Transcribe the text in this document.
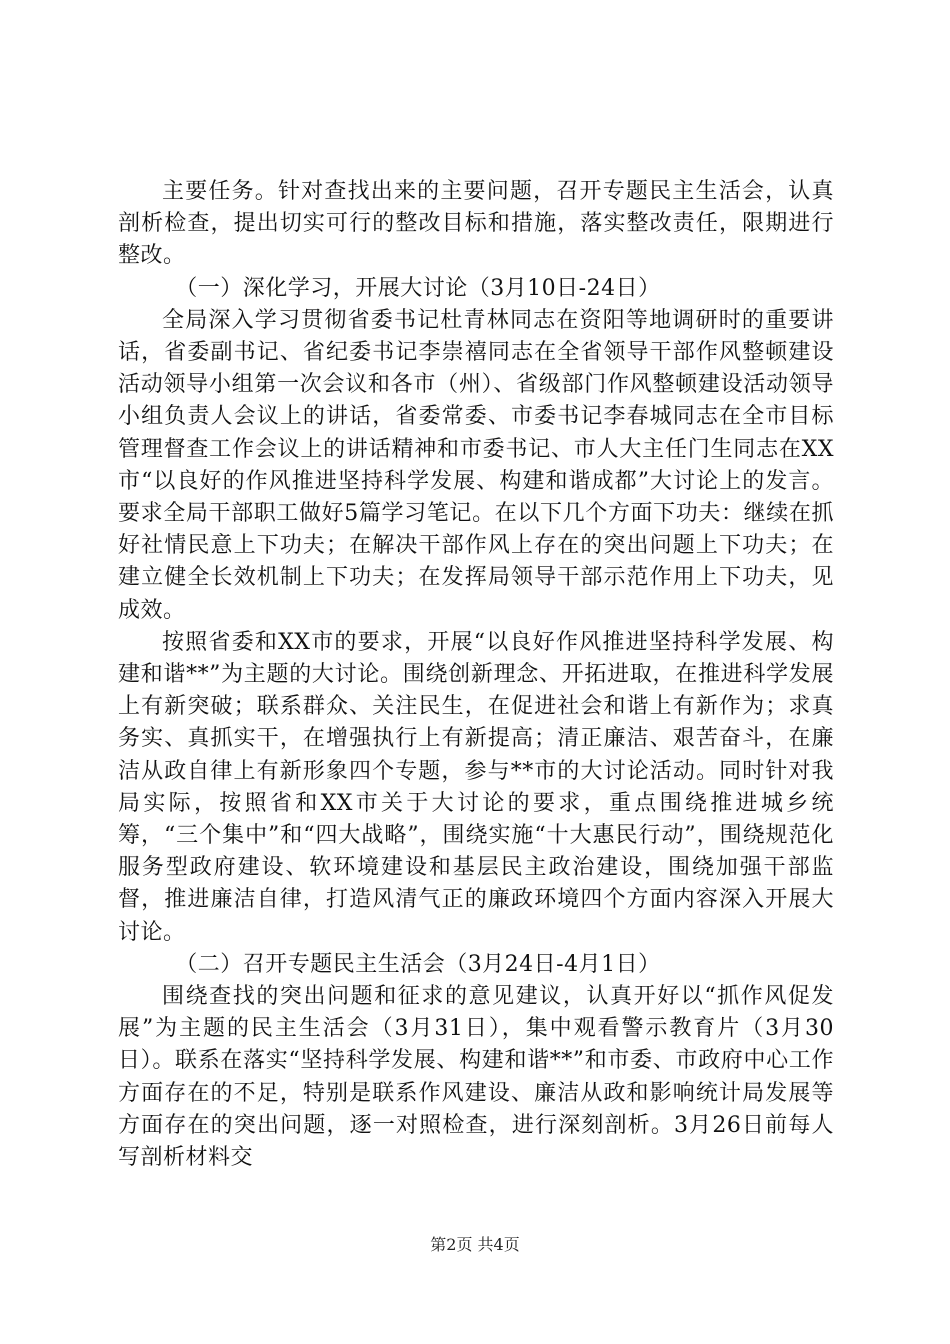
主要任务。针对查找出来的主要问题，召开专题民主生活会，认真剖析检查，提出切实可行的整改目标和措施，落实整改责任，限期进行整改。

（一）深化学习，开展大讨论（3月10日-24日）

全局深入学习贯彻省委书记杜青林同志在资阳等地调研时的重要讲话，省委副书记、省纪委书记李崇禧同志在全省领导干部作风整顿建设活动领导小组第一次会议和各市（州）、省级部门作风整顿建设活动领导小组负责人会议上的讲话，省委常委、市委书记李春城同志在全市目标管理督查工作会议上的讲话精神和市委书记、市人大主任门生同志在XX市“以良好的作风推进坚持科学发展、构建和谐成都”大讨论上的发言。要求全局干部职工做好5篇学习笔记。在以下几个方面下功夫：继续在抓好社情民意上下功夫；在解决干部作风上存在的突出问题上下功夫；在建立健全长效机制上下功夫；在发挥局领导干部示范作用上下功夫，见成效。

按照省委和XX市的要求，开展“以良好作风推进坚持科学发展、构建和谐**”为主题的大讨论。围绕创新理念、开拓进取，在推进科学发展上有新突破；联系群众、关注民生，在促进社会和谐上有新作为；求真务实、真抓实干，在增强执行上有新提高；清正廉洁、艰苦奋斗，在廉洁从政自律上有新形象四个专题，参与**市的大讨论活动。同时针对我局实际，按照省和XX市关于大讨论的要求，重点围绕推进城乡统筹，“三个集中”和“四大战略”，围绕实施“十大惠民行动”，围绕规范化服务型政府建设、软环境建设和基层民主政治建设，围绕加强干部监督，推进廉洁自律，打造风清气正的廉政环境四个方面内容深入开展大讨论。

（二）召开专题民主生活会（3月24日-4月1日）

围绕查找的突出问题和征求的意见建议，认真开好以“抓作风促发展”为主题的民主生活会（3月31日），集中观看警示教育片（3月30日）。联系在落实“坚持科学发展、构建和谐**”和市委、市政府中心工作方面存在的不足，特别是联系作风建设、廉洁从政和影响统计局发展等方面存在的突出问题，逐一对照检查，进行深刻剖析。3月26日前每人写剖析材料交

第2页 共4页
